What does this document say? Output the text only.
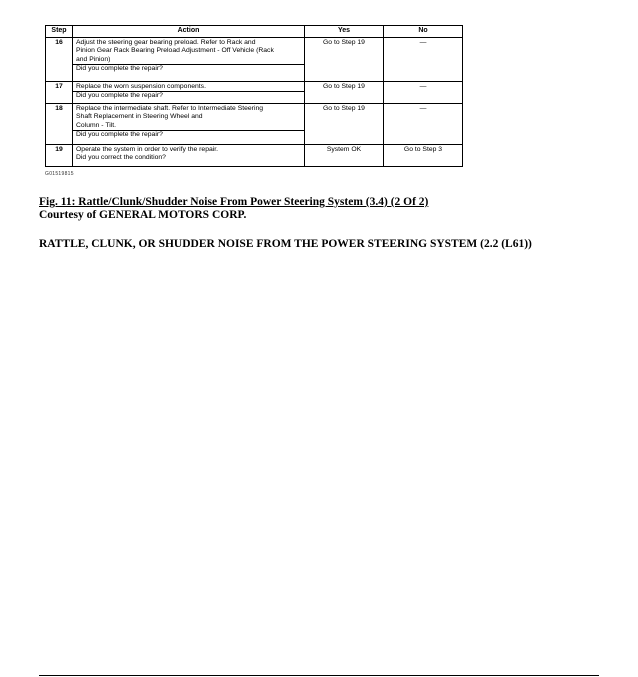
Step	Action	Yes	No
16	Adjust the steering gear bearing preload. Refer to Rack and
Pinion Gear Rack Bearing Preload Adjustment - Off Vehicle (Rack
and Pinion)
Did you complete the repair?	Go to Step 19	—
17	Replace the worn suspension components.
Did you complete the repair?	Go to Step 19	—
18	Replace the intermediate shaft. Refer to Intermediate Steering
Shaft Replacement in Steering Wheel and
Column - Tilt.
Did you complete the repair?	Go to Step 19	—
19	Operate the system in order to verify the repair.
Did you correct the condition?	System OK	Go to Step 3
G01519815
Fig. 11: Rattle/Clunk/Shudder Noise From Power Steering System (3.4) (2 Of 2)
Courtesy of GENERAL MOTORS CORP.
RATTLE, CLUNK, OR SHUDDER NOISE FROM THE POWER STEERING SYSTEM (2.2 (L61))
